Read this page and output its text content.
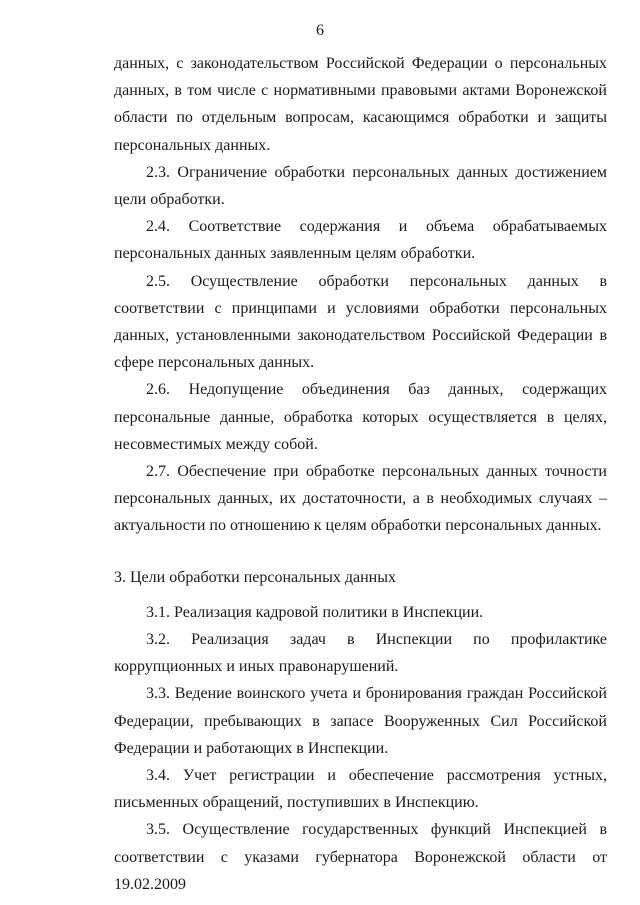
6

данных, с законодательством Российской Федерации о персональных данных, в том числе с нормативными правовыми актами Воронежской области по отдельным вопросам, касающимся обработки и защиты персональных данных.

2.3. Ограничение обработки персональных данных достижением цели обработки.

2.4. Соответствие содержания и объема обрабатываемых персональных данных заявленным целям обработки.

2.5. Осуществление обработки персональных данных в соответствии с принципами и условиями обработки персональных данных, установленными законодательством Российской Федерации в сфере персональных данных.

2.6. Недопущение объединения баз данных, содержащих персональные данные, обработка которых осуществляется в целях, несовместимых между собой.

2.7. Обеспечение при обработке персональных данных точности персональных данных, их достаточности, а в необходимых случаях – актуальности по отношению к целям обработки персональных данных.

3. Цели обработки персональных данных

3.1. Реализация кадровой политики в Инспекции.

3.2. Реализация задач в Инспекции по профилактике коррупционных и иных правонарушений.

3.3. Ведение воинского учета и бронирования граждан Российской Федерации, пребывающих в запасе Вооруженных Сил Российской Федерации и работающих в Инспекции.

3.4. Учет регистрации и обеспечение рассмотрения устных, письменных обращений, поступивших в Инспекцию.

3.5. Осуществление государственных функций Инспекцией в соответствии с указами губернатора Воронежской области от 19.02.2009
